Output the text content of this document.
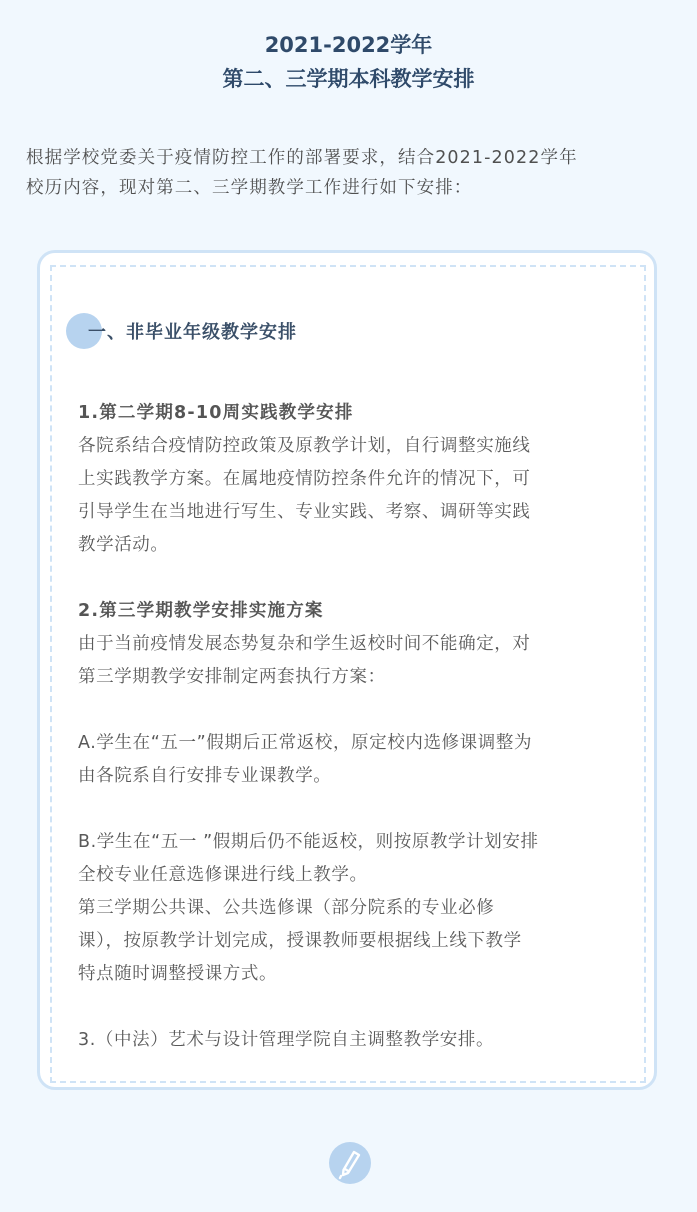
2021-2022学年
第二、三学期本科教学安排

根据学校党委关于疫情防控工作的部署要求，结合2021-2022学年

校历内容，现对第二、三学期教学工作进行如下安排：

一、非毕业年级教学安排

1.第二学期8-10周实践教学安排

各院系结合疫情防控政策及原教学计划，自行调整实施线

上实践教学方案。在属地疫情防控条件允许的情况下，可

引导学生在当地进行写生、专业实践、考察、调研等实践

教学活动。

2.第三学期教学安排实施方案

由于当前疫情发展态势复杂和学生返校时间不能确定，对

第三学期教学安排制定两套执行方案：

A.学生在“五一”假期后正常返校，原定校内选修课调整为

由各院系自行安排专业课教学。

B.学生在“五一 ”假期后仍不能返校，则按原教学计划安排

全校专业任意选修课进行线上教学。

第三学期公共课、公共选修课（部分院系的专业必修

课），按原教学计划完成，授课教师要根据线上线下教学

特点随时调整授课方式。

3.（中法）艺术与设计管理学院自主调整教学安排。
